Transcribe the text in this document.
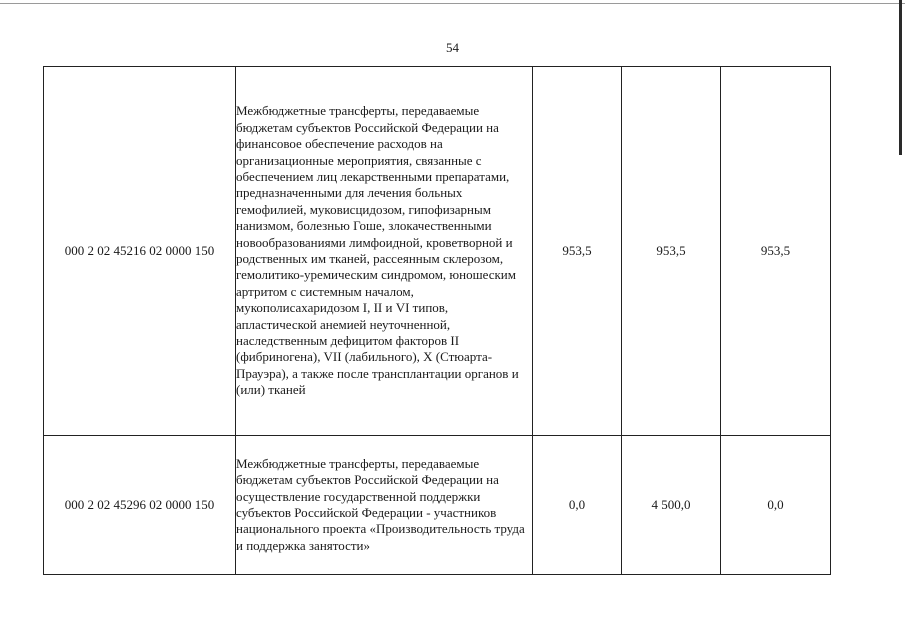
54
000 2 02 45216 02 0000 150	Межбюджетные трансферты, передаваемые бюджетам субъектов Российской Федерации на финансовое обеспечение расходов на организационные мероприятия, связанные с обеспечением лиц лекарственными препаратами, предназначенными для лечения больных гемофилией, муковисцидозом, гипофизарным нанизмом, болезнью Гоше, злокачественными новообразованиями лимфоидной, кроветворной и родственных им тканей, рассеянным склерозом, гемолитико-уремическим синдромом, юношеским артритом с системным началом, мукополисахаридозом I, II и VI типов, апластической анемией неуточненной, наследственным дефицитом факторов II (фибриногена), VII (лабильного), X (Стюарта-Прауэра), а также после трансплантации органов и (или) тканей	953,5	953,5	953,5
000 2 02 45296 02 0000 150	Межбюджетные трансферты, передаваемые бюджетам субъектов Российской Федерации на осуществление государственной поддержки субъектов Российской Федерации - участников национального проекта «Производительность труда и поддержка занятости»	0,0	4 500,0	0,0
